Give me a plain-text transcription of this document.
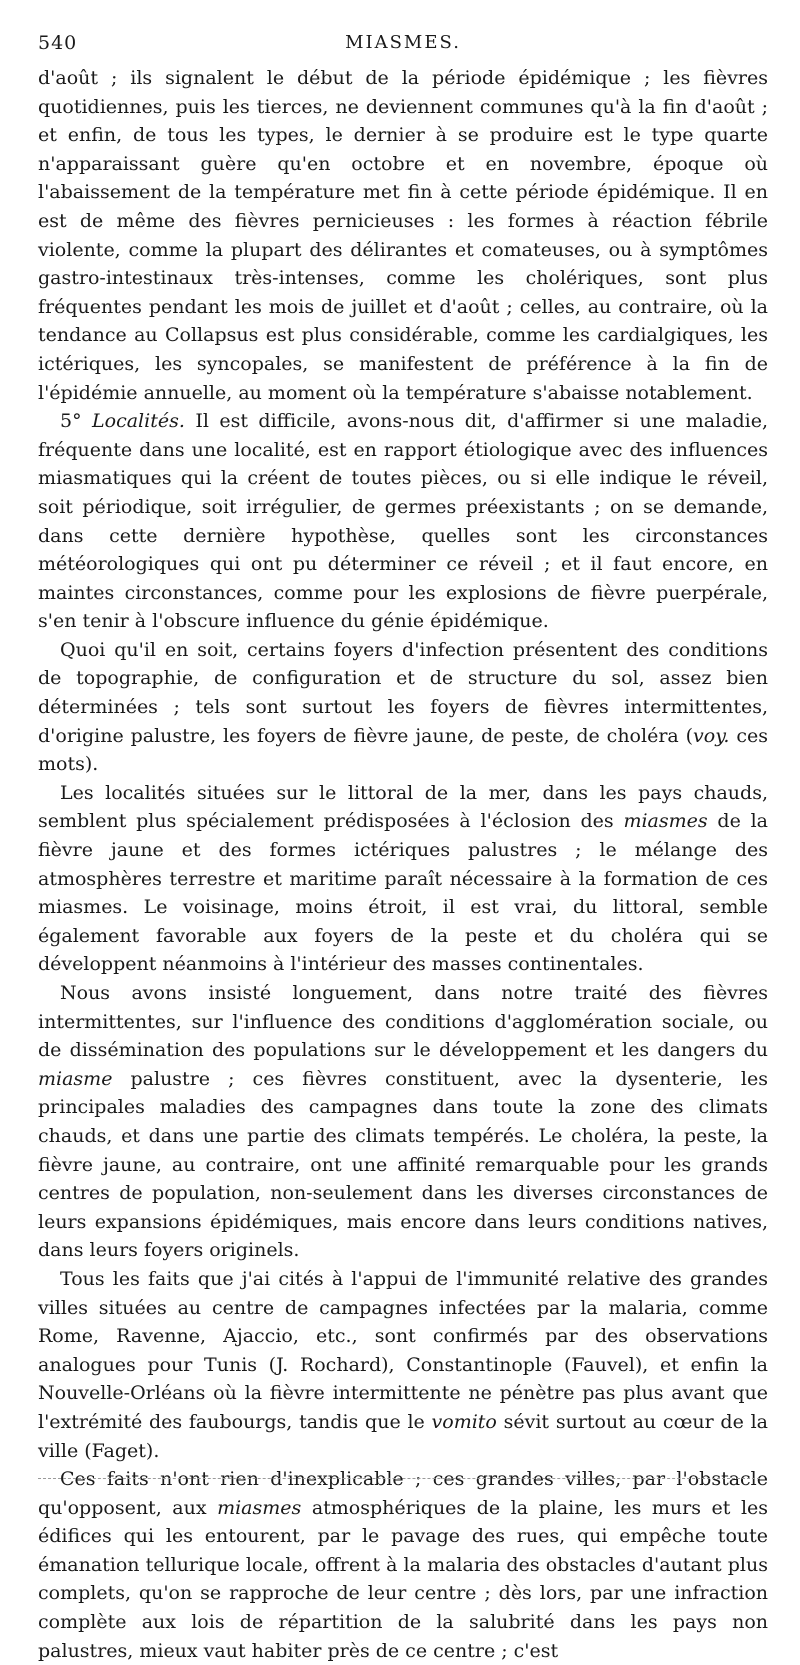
540	MIASMES.

d'août ; ils signalent le début de la période épidémique ; les fièvres quotidiennes, puis les tierces, ne deviennent communes qu'à la fin d'août ; et enfin, de tous les types, le dernier à se produire est le type quarte n'apparaissant guère qu'en octobre et en novembre, époque où l'abaissement de la température met fin à cette période épidémique. Il en est de même des fièvres pernicieuses : les formes à réaction fébrile violente, comme la plupart des délirantes et comateuses, ou à symptômes gastro-intestinaux très-intenses, comme les cholériques, sont plus fréquentes pendant les mois de juillet et d'août ; celles, au contraire, où la tendance au Collapsus est plus considérable, comme les cardialgiques, les ictériques, les syncopales, se manifestent de préférence à la fin de l'épidémie annuelle, au moment où la température s'abaisse notablement.

5° Localités. Il est difficile, avons-nous dit, d'affirmer si une maladie, fréquente dans une localité, est en rapport étiologique avec des influences miasmatiques qui la créent de toutes pièces, ou si elle indique le réveil, soit périodique, soit irrégulier, de germes préexistants ; on se demande, dans cette dernière hypothèse, quelles sont les circonstances météorologiques qui ont pu déterminer ce réveil ; et il faut encore, en maintes circonstances, comme pour les explosions de fièvre puerpérale, s'en tenir à l'obscure influence du génie épidémique.

Quoi qu'il en soit, certains foyers d'infection présentent des conditions de topographie, de configuration et de structure du sol, assez bien déterminées ; tels sont surtout les foyers de fièvres intermittentes, d'origine palustre, les foyers de fièvre jaune, de peste, de choléra (voy. ces mots).

Les localités situées sur le littoral de la mer, dans les pays chauds, semblent plus spécialement prédisposées à l'éclosion des miasmes de la fièvre jaune et des formes ictériques palustres ; le mélange des atmosphères terrestre et maritime paraît nécessaire à la formation de ces miasmes. Le voisinage, moins étroit, il est vrai, du littoral, semble également favorable aux foyers de la peste et du choléra qui se développent néanmoins à l'intérieur des masses continentales.

Nous avons insisté longuement, dans notre traité des fièvres intermittentes, sur l'influence des conditions d'agglomération sociale, ou de dissémination des populations sur le développement et les dangers du miasme palustre ; ces fièvres constituent, avec la dysenterie, les principales maladies des campagnes dans toute la zone des climats chauds, et dans une partie des climats tempérés. Le choléra, la peste, la fièvre jaune, au contraire, ont une affinité remarquable pour les grands centres de population, non-seulement dans les diverses circonstances de leurs expansions épidémiques, mais encore dans leurs conditions natives, dans leurs foyers originels.

Tous les faits que j'ai cités à l'appui de l'immunité relative des grandes villes situées au centre de campagnes infectées par la malaria, comme Rome, Ravenne, Ajaccio, etc., sont confirmés par des observations analogues pour Tunis (J. Rochard), Constantinople (Fauvel), et enfin la Nouvelle-Orléans où la fièvre intermittente ne pénètre pas plus avant que l'extrémité des faubourgs, tandis que le vomito sévit surtout au cœur de la ville (Faget).

Ces faits n'ont rien d'inexplicable ; ces grandes villes, par l'obstacle qu'opposent, aux miasmes atmosphériques de la plaine, les murs et les édifices qui les entourent, par le pavage des rues, qui empêche toute émanation tellurique locale, offrent à la malaria des obstacles d'autant plus complets, qu'on se rapproche de leur centre ; dès lors, par une infraction complète aux lois de répartition de la salubrité dans les pays non palustres, mieux vaut habiter près de ce centre ; c'est
